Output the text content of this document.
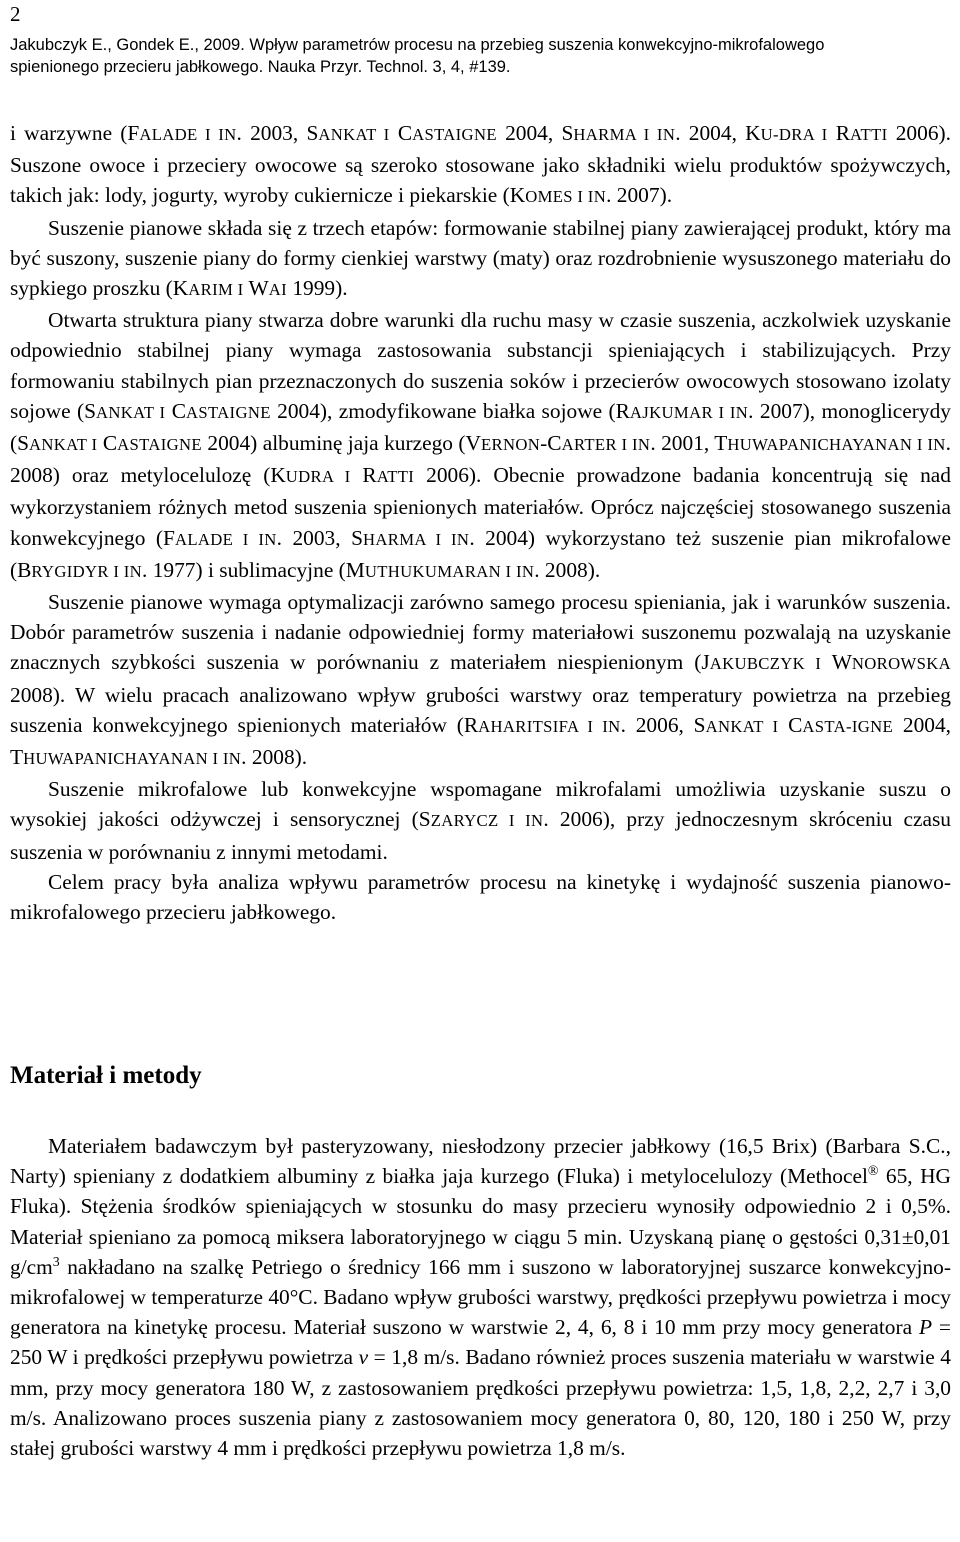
2
Jakubczyk E., Gondek E., 2009. Wpływ parametrów procesu na przebieg suszenia konwekcyjno-mikrofalowego
spienionego przecieru jabłkowego. Nauka Przyr. Technol. 3, 4, #139.

i warzywne (FALADE I IN. 2003, SANKAT I CASTAIGNE 2004, SHARMA I IN. 2004, KU-DRA I RATTI 2006). Suszone owoce i przeciery owocowe są szeroko stosowane jako składniki wielu produktów spożywczych, takich jak: lody, jogurty, wyroby cukiernicze i piekarskie (KOMES I IN. 2007).

Suszenie pianowe składa się z trzech etapów: formowanie stabilnej piany zawierającej produkt, który ma być suszony, suszenie piany do formy cienkiej warstwy (maty) oraz rozdrobnienie wysuszonego materiału do sypkiego proszku (KARIM I WAI 1999).

Otwarta struktura piany stwarza dobre warunki dla ruchu masy w czasie suszenia, aczkolwiek uzyskanie odpowiednio stabilnej piany wymaga zastosowania substancji spieniających i stabilizujących. Przy formowaniu stabilnych pian przeznaczonych do suszenia soków i przecierów owocowych stosowano izolaty sojowe (SANKAT I CASTAIGNE 2004), zmodyfikowane białka sojowe (RAJKUMAR I IN. 2007), monoglicerydy (SANKAT I CASTAIGNE 2004) albuminę jaja kurzego (VERNON-CARTER I IN. 2001, THUWAPANICHAYANAN I IN. 2008) oraz metylocelulozę (KUDRA I RATTI 2006). Obecnie prowadzone badania koncentrują się nad wykorzystaniem różnych metod suszenia spienionych materiałów. Oprócz najczęściej stosowanego suszenia konwekcyjnego (FALADE I IN. 2003, SHARMA I IN. 2004) wykorzystano też suszenie pian mikrofalowe (BRYGIDYR I IN. 1977) i sublimacyjne (MUTHUKUMARAN I IN. 2008).

Suszenie pianowe wymaga optymalizacji zarówno samego procesu spieniania, jak i warunków suszenia. Dobór parametrów suszenia i nadanie odpowiedniej formy materiałowi suszonemu pozwalają na uzyskanie znacznych szybkości suszenia w porównaniu z materiałem niespienionym (JAKUBCZYK I WNOROWSKA 2008). W wielu pracach analizowano wpływ grubości warstwy oraz temperatury powietrza na przebieg suszenia konwekcyjnego spienionych materiałów (RAHARITSIFA I IN. 2006, SANKAT I CASTA-IGNE 2004, THUWAPANICHAYANAN I IN. 2008).

Suszenie mikrofalowe lub konwekcyjne wspomagane mikrofalami umożliwia uzyskanie suszu o wysokiej jakości odżywczej i sensorycznej (SZARYCZ I IN. 2006), przy jednoczesnym skróceniu czasu suszenia w porównaniu z innymi metodami.

Celem pracy była analiza wpływu parametrów procesu na kinetykę i wydajność suszenia pianowo-mikrofalowego przecieru jabłkowego.

Materiał i metody

Materiałem badawczym był pasteryzowany, niesłodzony przecier jabłkowy (16,5 Brix) (Barbara S.C., Narty) spieniany z dodatkiem albuminy z białka jaja kurzego (Fluka) i metylocelulozy (Methocel® 65, HG Fluka). Stężenia środków spieniających w stosunku do masy przecieru wynosiły odpowiednio 2 i 0,5%. Materiał spieniano za pomocą miksera laboratoryjnego w ciągu 5 min. Uzyskaną pianę o gęstości 0,31±0,01 $g/cm^3$ nakładano na szalkę Petriego o średnicy 166 mm i suszono w laboratoryjnej suszarce konwekcyjno-mikrofalowej w temperaturze 40°C. Badano wpływ grubości warstwy, prędkości przepływu powietrza i mocy generatora na kinetykę procesu. Materiał suszono w warstwie 2, 4, 6, 8 i 10 mm przy mocy generatora P = 250 W i prędkości przepływu powietrza v = 1,8 m/s. Badano również proces suszenia materiału w warstwie 4 mm, przy mocy generatora 180 W, z zastosowaniem prędkości przepływu powietrza: 1,5, 1,8, 2,2, 2,7 i 3,0 m/s. Analizowano proces suszenia piany z zastosowaniem mocy generatora 0, 80, 120, 180 i 250 W, przy stałej grubości warstwy 4 mm i prędkości przepływu powietrza 1,8 m/s.
